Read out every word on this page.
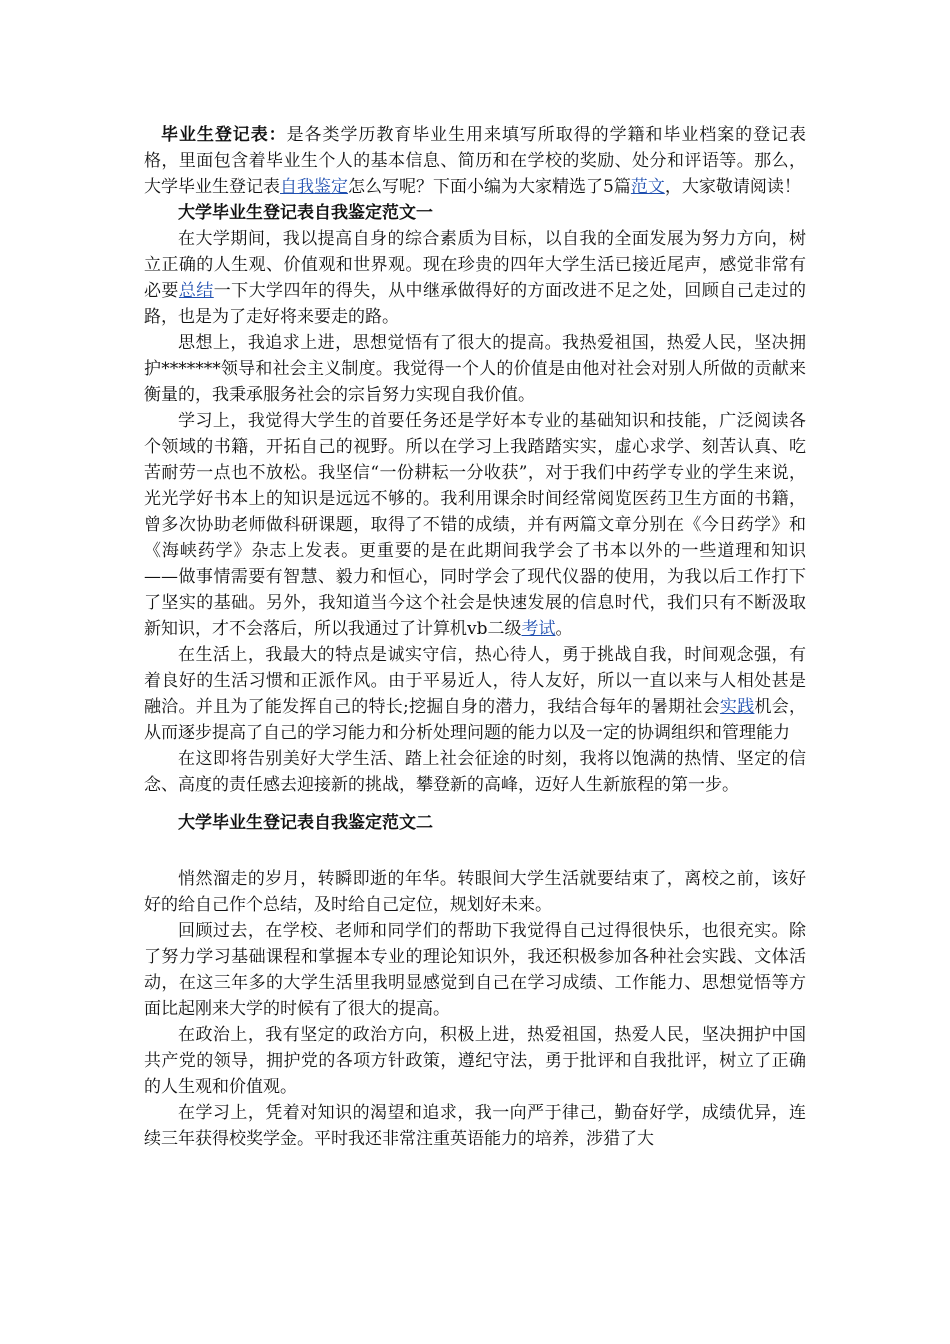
毕业生登记表：是各类学历教育毕业生用来填写所取得的学籍和毕业档案的登记表格，里面包含着毕业生个人的基本信息、简历和在学校的奖励、处分和评语等。那么，大学毕业生登记表自我鉴定怎么写呢？下面小编为大家精选了5篇范文，大家敬请阅读！

大学毕业生登记表自我鉴定范文一

在大学期间，我以提高自身的综合素质为目标，以自我的全面发展为努力方向，树立正确的人生观、价值观和世界观。现在珍贵的四年大学生活已接近尾声，感觉非常有必要总结一下大学四年的得失，从中继承做得好的方面改进不足之处，回顾自己走过的路，也是为了走好将来要走的路。

思想上，我追求上进，思想觉悟有了很大的提高。我热爱祖国，热爱人民，坚决拥护*******领导和社会主义制度。我觉得一个人的价值是由他对社会对别人所做的贡献来衡量的，我秉承服务社会的宗旨努力实现自我价值。

学习上，我觉得大学生的首要任务还是学好本专业的基础知识和技能，广泛阅读各个领域的书籍，开拓自己的视野。所以在学习上我踏踏实实，虚心求学、刻苦认真、吃苦耐劳一点也不放松。我坚信“一份耕耘一分收获”，对于我们中药学专业的学生来说，光光学好书本上的知识是远远不够的。我利用课余时间经常阅览医药卫生方面的书籍，曾多次协助老师做科研课题，取得了不错的成绩，并有两篇文章分别在《今日药学》和《海峡药学》杂志上发表。更重要的是在此期间我学会了书本以外的一些道理和知识——做事情需要有智慧、毅力和恒心，同时学会了现代仪器的使用，为我以后工作打下了坚实的基础。另外，我知道当今这个社会是快速发展的信息时代，我们只有不断汲取新知识，才不会落后，所以我通过了计算机vb二级考试。

在生活上，我最大的特点是诚实守信，热心待人，勇于挑战自我，时间观念强，有着良好的生活习惯和正派作风。由于平易近人，待人友好，所以一直以来与人相处甚是融洽。并且为了能发挥自己的特长;挖掘自身的潜力，我结合每年的暑期社会实践机会，从而逐步提高了自己的学习能力和分析处理问题的能力以及一定的协调组织和管理能力

在这即将告别美好大学生活、踏上社会征途的时刻，我将以饱满的热情、坚定的信念、高度的责任感去迎接新的挑战，攀登新的高峰，迈好人生新旅程的第一步。

大学毕业生登记表自我鉴定范文二

悄然溜走的岁月，转瞬即逝的年华。转眼间大学生活就要结束了，离校之前，该好好的给自己作个总结，及时给自己定位，规划好未来。

回顾过去，在学校、老师和同学们的帮助下我觉得自己过得很快乐，也很充实。除了努力学习基础课程和掌握本专业的理论知识外，我还积极参加各种社会实践、文体活动，在这三年多的大学生活里我明显感觉到自己在学习成绩、工作能力、思想觉悟等方面比起刚来大学的时候有了很大的提高。

在政治上，我有坚定的政治方向，积极上进，热爱祖国，热爱人民，坚决拥护中国共产党的领导，拥护党的各项方针政策，遵纪守法，勇于批评和自我批评，树立了正确的人生观和价值观。

在学习上，凭着对知识的渴望和追求，我一向严于律己，勤奋好学，成绩优异，连续三年获得校奖学金。平时我还非常注重英语能力的培养，涉猎了大
